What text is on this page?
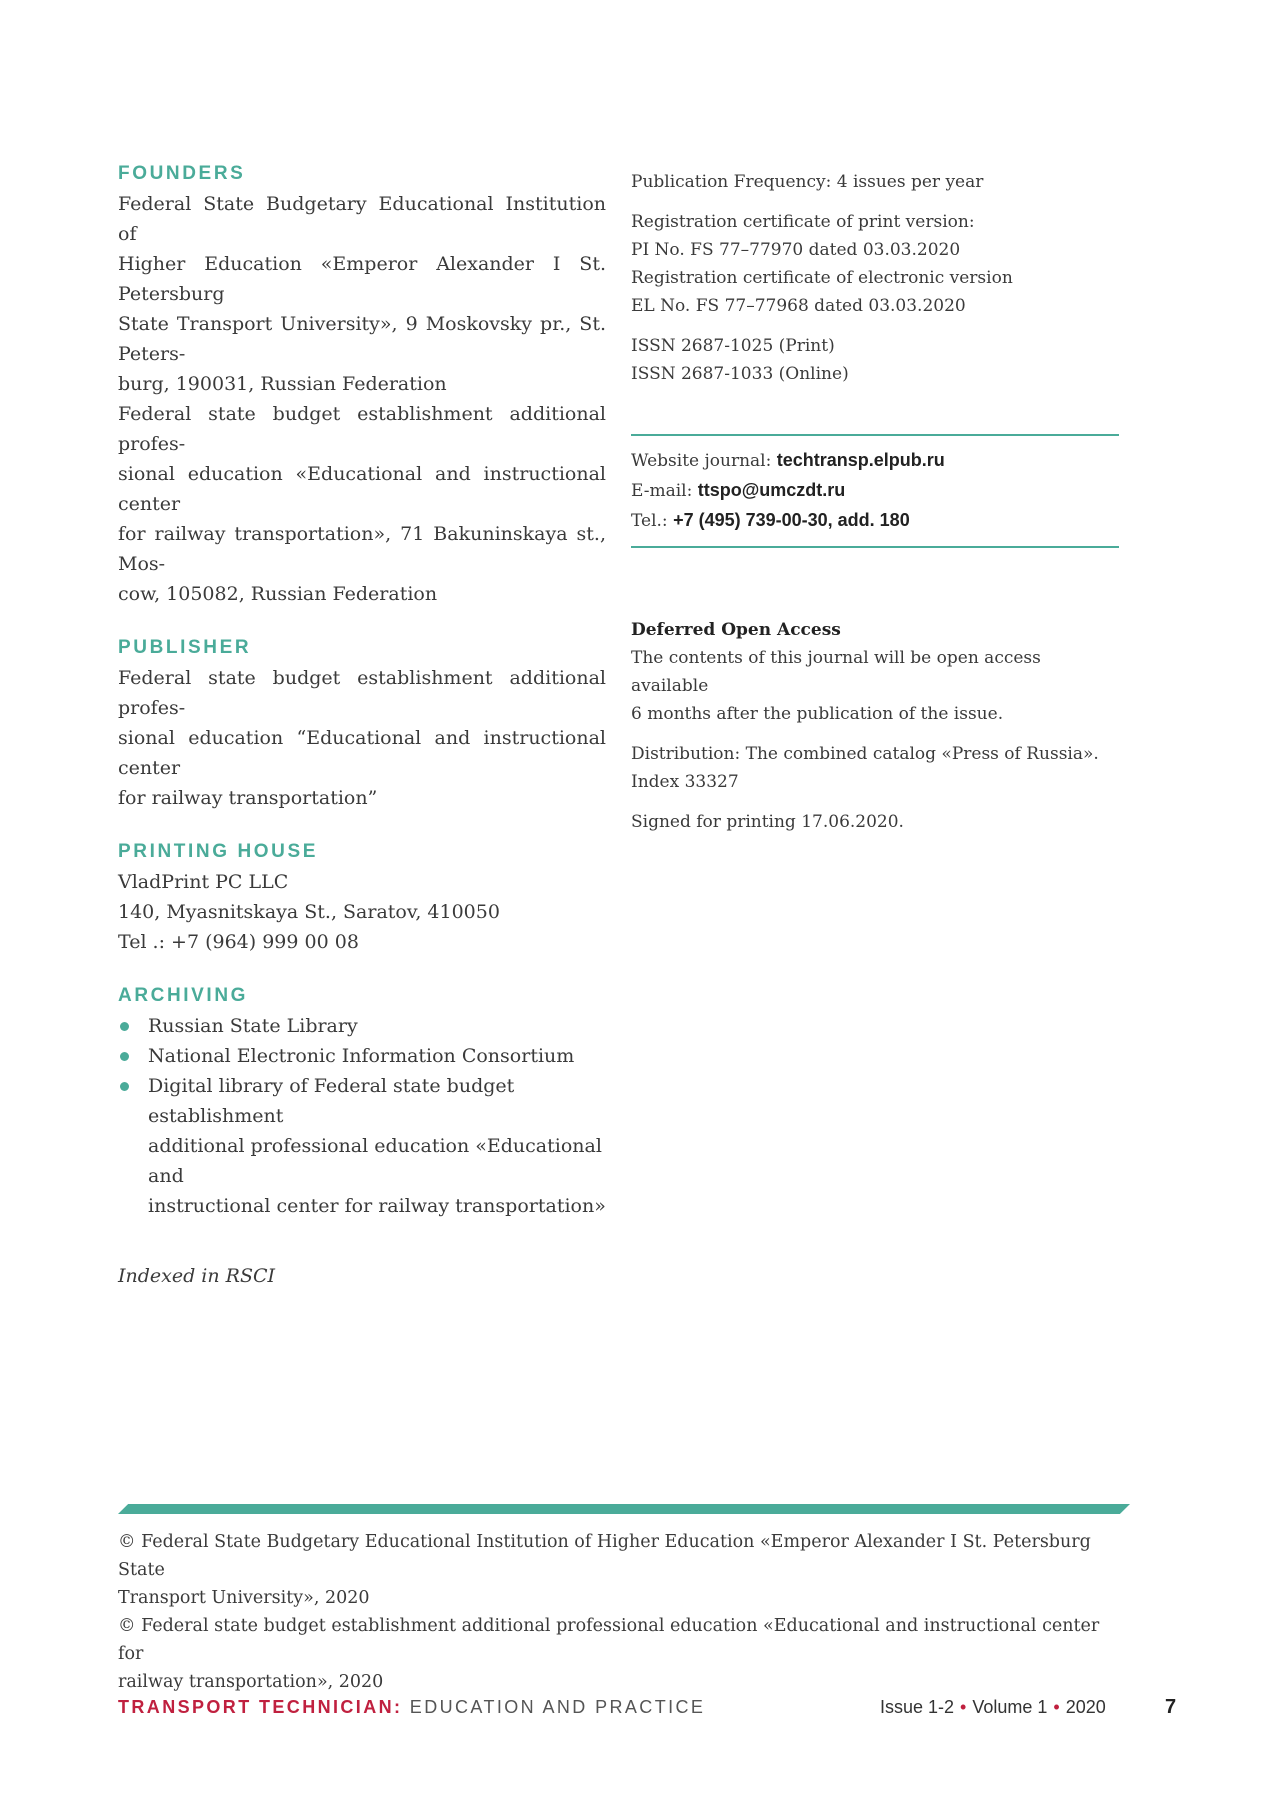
FOUNDERS
Federal State Budgetary Educational Institution of
Higher Education «Emperor Alexander I St. Petersburg
State Transport University», 9 Moskovsky pr., St. Peters-
burg, 190031, Russian Federation
Federal state budget establishment additional profes-
sional education «Educational and instructional center
for railway transportation», 71 Bakuninskaya st., Mos-
cow, 105082, Russian Federation
PUBLISHER
Federal state budget establishment additional profes-
sional education “Educational and instructional center
for railway transportation”
PRINTING HOUSE
VladPrint PC LLC
140, Myasnitskaya St., Saratov, 410050
Tel .: +7 (964) 999 00 08
ARCHIVING
Russian State Library
National Electronic Information Consortium
Digital library of Federal state budget establishment
additional professional education «Educational and
instructional center for railway transportation»
Indexed in RSCI

Publication Frequency: 4 issues per year

Registration certificate of print version:

PI No. FS 77–77970 dated 03.03.2020

Registration certificate of electronic version

EL No. FS 77–77968 dated 03.03.2020

ISSN 2687-1025 (Print)

ISSN 2687-1033 (Online)

Website journal: techtransp.elpub.ru
E-mail: ttspo@umczdt.ru
Tel.: +7 (495) 739-00-30, add. 180
Deferred Open Access

The contents of this journal will be open access available

6 months after the publication of the issue.

Distribution: The combined catalog «Press of Russia».

Index 33327

Signed for printing 17.06.2020.

© Federal State Budgetary Educational Institution of Higher Education «Emperor Alexander I St. Petersburg State

Transport University», 2020

© Federal state budget establishment additional professional education «Educational and instructional center for

railway transportation», 2020

TRANSPORT TECHNICIAN: EDUCATION AND PRACTICE	Issue 1-2 • Volume 1 • 2020	7
